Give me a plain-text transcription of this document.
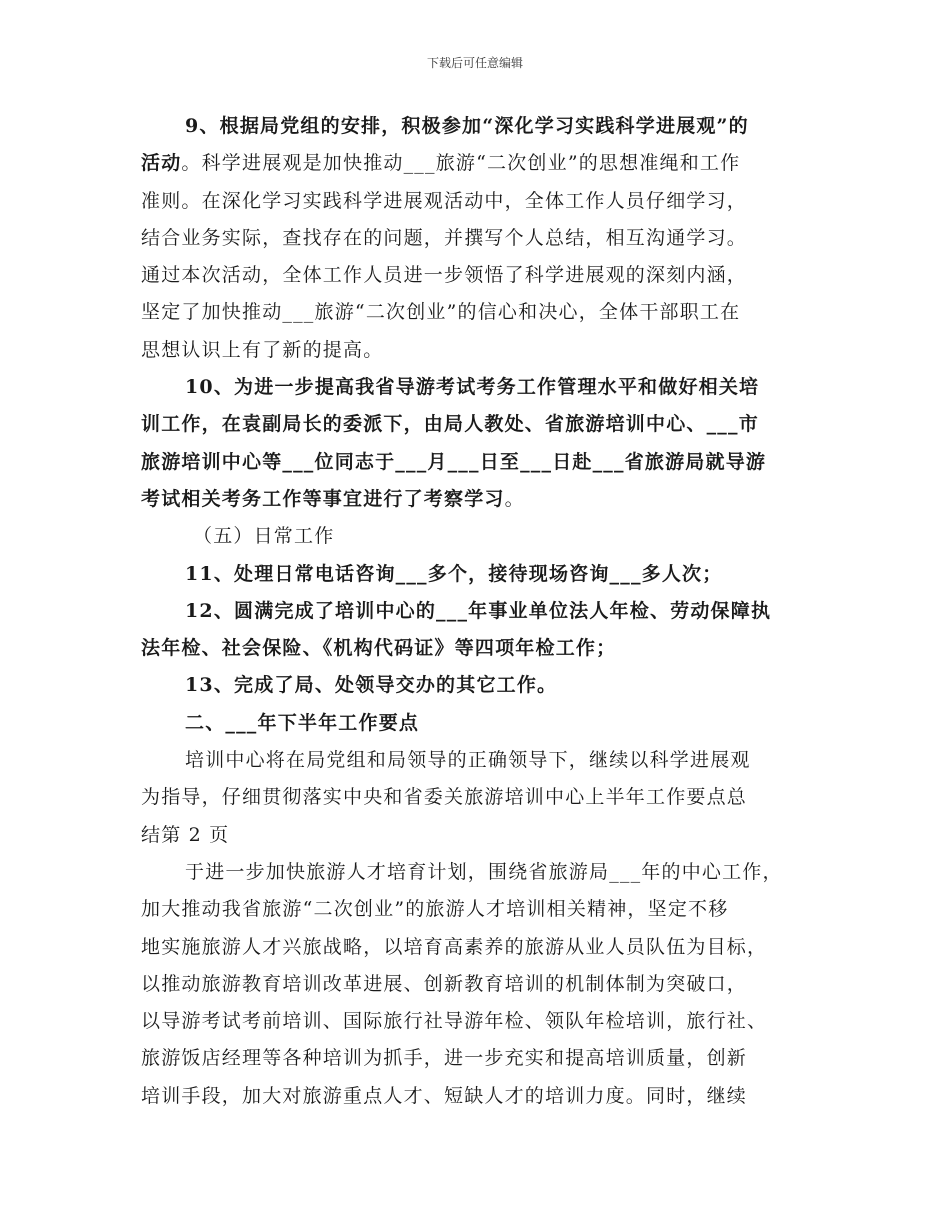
下载后可任意编辑
9、根据局党组的安排，积极参加“深化学习实践科学进展观”的
活动。科学进展观是加快推动___旅游“二次创业”的思想准绳和工作
准则。在深化学习实践科学进展观活动中，全体工作人员仔细学习，
结合业务实际，查找存在的问题，并撰写个人总结，相互沟通学习。
通过本次活动，全体工作人员进一步领悟了科学进展观的深刻内涵，
坚定了加快推动___旅游“二次创业”的信心和决心，全体干部职工在
思想认识上有了新的提高。
10、为进一步提高我省导游考试考务工作管理水平和做好相关培
训工作，在袁副局长的委派下，由局人教处、省旅游培训中心、___市
旅游培训中心等___位同志于___月___日至___日赴___省旅游局就导游
考试相关考务工作等事宜进行了考察学习。
（五）日常工作
11、处理日常电话咨询___多个，接待现场咨询___多人次；
12、圆满完成了培训中心的___年事业单位法人年检、劳动保障执
法年检、社会保险、《机构代码证》等四项年检工作；
13、完成了局、处领导交办的其它工作。
二、___年下半年工作要点
培训中心将在局党组和局领导的正确领导下，继续以科学进展观
为指导，仔细贯彻落实中央和省委关旅游培训中心上半年工作要点总
结第 2 页
于进一步加快旅游人才培育计划，围绕省旅游局___年的中心工作，
加大推动我省旅游“二次创业”的旅游人才培训相关精神，坚定不移
地实施旅游人才兴旅战略，以培育高素养的旅游从业人员队伍为目标，
以推动旅游教育培训改革进展、创新教育培训的机制体制为突破口，
以导游考试考前培训、国际旅行社导游年检、领队年检培训，旅行社、
旅游饭店经理等各种培训为抓手，进一步充实和提高培训质量，创新
培训手段，加大对旅游重点人才、短缺人才的培训力度。同时，继续
